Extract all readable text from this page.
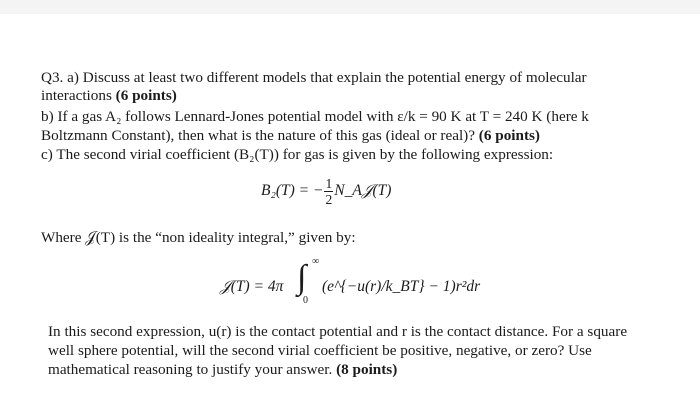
Q3. a) Discuss at least two different models that explain the potential energy of molecular
interactions (6 points)
b) If a gas A₂ follows Lennard-Jones potential model with ε/k = 90 K at T = 240 K (here k
Boltzmann Constant), then what is the nature of this gas (ideal or real)? (6 points)
c) The second virial coefficient (B₂(T)) for gas is given by the following expression:
B₂(T) = − $\frac{1}{2}$ N_A𝒥(T)
Where 𝒥(T) is the “non ideality integral,” given by:
𝒥(T) = 4π ∫ ∞
0
(e^{−u(r)/k_BT} − 1)r²dr
In this second expression, u(r) is the contact potential and r is the contact distance. For a square
well sphere potential, will the second virial coefficient be positive, negative, or zero? Use
mathematical reasoning to justify your answer. (8 points)
